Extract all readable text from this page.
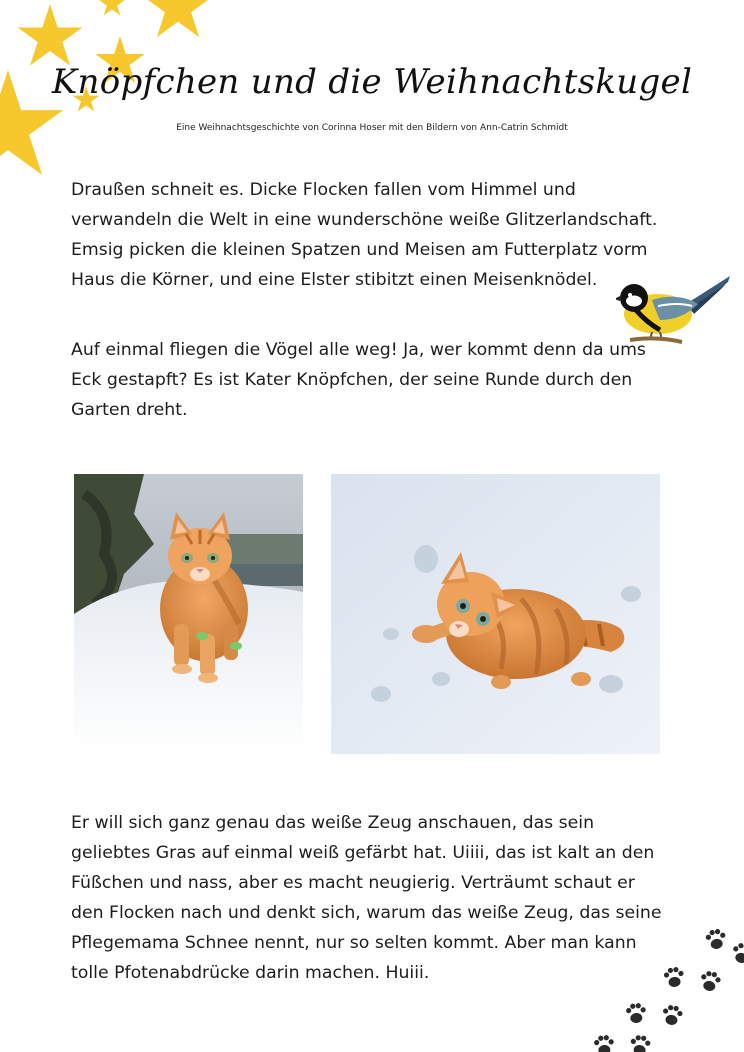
Knöpfchen und die Weihnachtskugel
Eine Weihnachtsgeschichte von Corinna Hoser mit den Bildern von Ann-Catrin Schmidt

Draußen schneit es. Dicke Flocken fallen vom Himmel und verwandeln die Welt in eine wunderschöne weiße Glitzerlandschaft. Emsig picken die kleinen Spatzen und Meisen am Futterplatz vorm Haus die Körner, und eine Elster stibitzt einen Meisenknödel.

Auf einmal fliegen die Vögel alle weg! Ja, wer kommt denn da ums Eck gestapft? Es ist Kater Knöpfchen, der seine Runde durch den Garten dreht.

Er will sich ganz genau das weiße Zeug anschauen, das sein geliebtes Gras auf einmal weiß gefärbt hat. Uiiii, das ist kalt an den Füßchen und nass, aber es macht neugierig. Verträumt schaut er den Flocken nach und denkt sich, warum das weiße Zeug, das seine Pflegemama Schnee nennt, nur so selten kommt. Aber man kann tolle Pfotenabdrücke darin machen. Huiii.
